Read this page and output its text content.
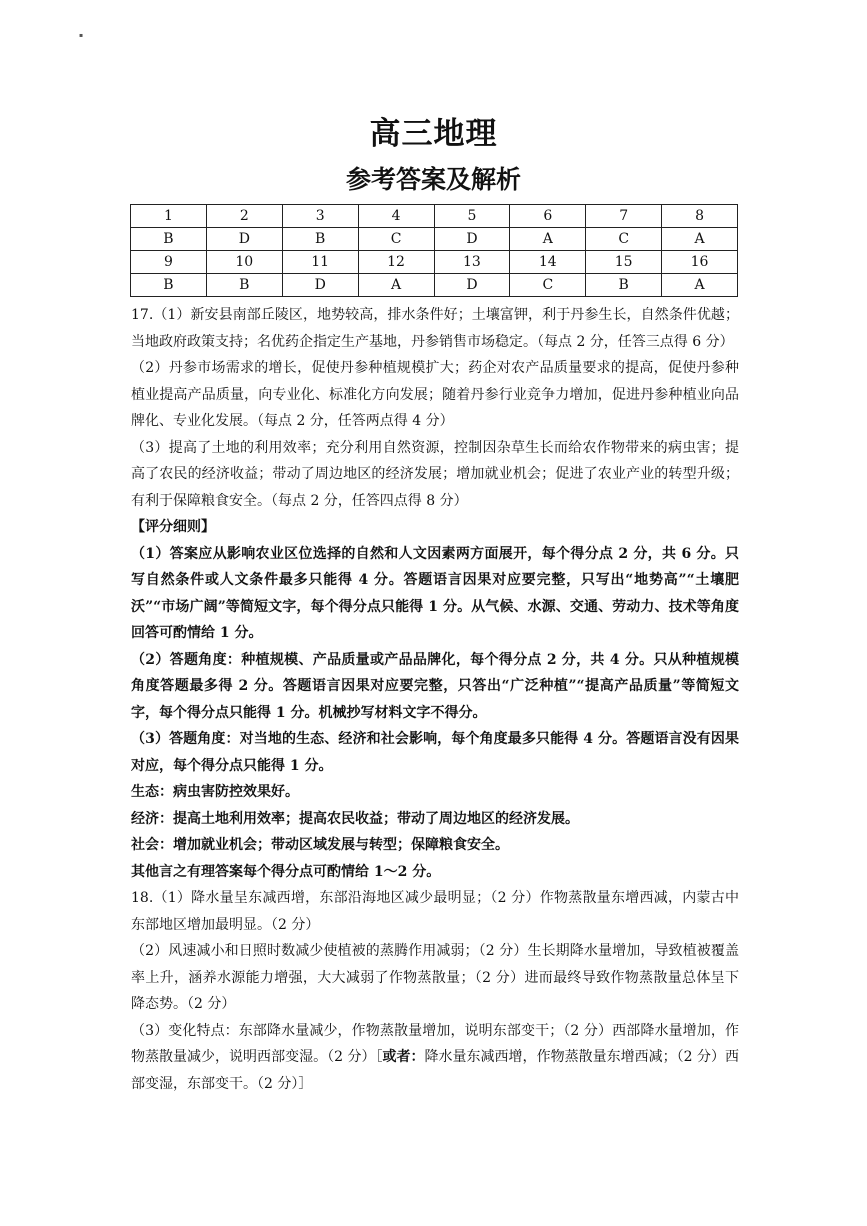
▪
高三地理
参考答案及解析
1	2	3	4	5	6	7	8
B	D	B	C	D	A	C	A
9	10	11	12	13	14	15	16
B	B	D	A	D	C	B	A

17.（1）新安县南部丘陵区，地势较高，排水条件好；土壤富钾，利于丹参生长，自然条件优越；当地政府政策支持；名优药企指定生产基地，丹参销售市场稳定。（每点 2 分，任答三点得 6 分）

（2）丹参市场需求的增长，促使丹参种植规模扩大；药企对农产品质量要求的提高，促使丹参种植业提高产品质量，向专业化、标准化方向发展；随着丹参行业竞争力增加，促进丹参种植业向品牌化、专业化发展。（每点 2 分，任答两点得 4 分）

（3）提高了土地的利用效率；充分利用自然资源，控制因杂草生长而给农作物带来的病虫害；提高了农民的经济收益；带动了周边地区的经济发展；增加就业机会；促进了农业产业的转型升级；有利于保障粮食安全。（每点 2 分，任答四点得 8 分）

【评分细则】

（1）答案应从影响农业区位选择的自然和人文因素两方面展开，每个得分点 2 分，共 6 分。只写自然条件或人文条件最多只能得 4 分。答题语言因果对应要完整，只写出“地势高”“土壤肥沃”“市场广阔”等简短文字，每个得分点只能得 1 分。从气候、水源、交通、劳动力、技术等角度回答可酌情给 1 分。

（2）答题角度：种植规模、产品质量或产品品牌化，每个得分点 2 分，共 4 分。只从种植规模角度答题最多得 2 分。答题语言因果对应要完整，只答出“广泛种植”“提高产品质量”等简短文字，每个得分点只能得 1 分。机械抄写材料文字不得分。

（3）答题角度：对当地的生态、经济和社会影响，每个角度最多只能得 4 分。答题语言没有因果对应，每个得分点只能得 1 分。

生态：病虫害防控效果好。

经济：提高土地利用效率；提高农民收益；带动了周边地区的经济发展。

社会：增加就业机会；带动区域发展与转型；保障粮食安全。

其他言之有理答案每个得分点可酌情给 1～2 分。

18.（1）降水量呈东减西增，东部沿海地区减少最明显；（2 分）作物蒸散量东增西减，内蒙古中东部地区增加最明显。（2 分）

（2）风速减小和日照时数减少使植被的蒸腾作用减弱；（2 分）生长期降水量增加，导致植被覆盖率上升，涵养水源能力增强，大大减弱了作物蒸散量；（2 分）进而最终导致作物蒸散量总体呈下降态势。（2 分）

（3）变化特点：东部降水量减少，作物蒸散量增加，说明东部变干；（2 分）西部降水量增加，作物蒸散量减少，说明西部变湿。（2 分）［或者：降水量东减西增，作物蒸散量东增西减；（2 分）西部变湿，东部变干。（2 分）］
